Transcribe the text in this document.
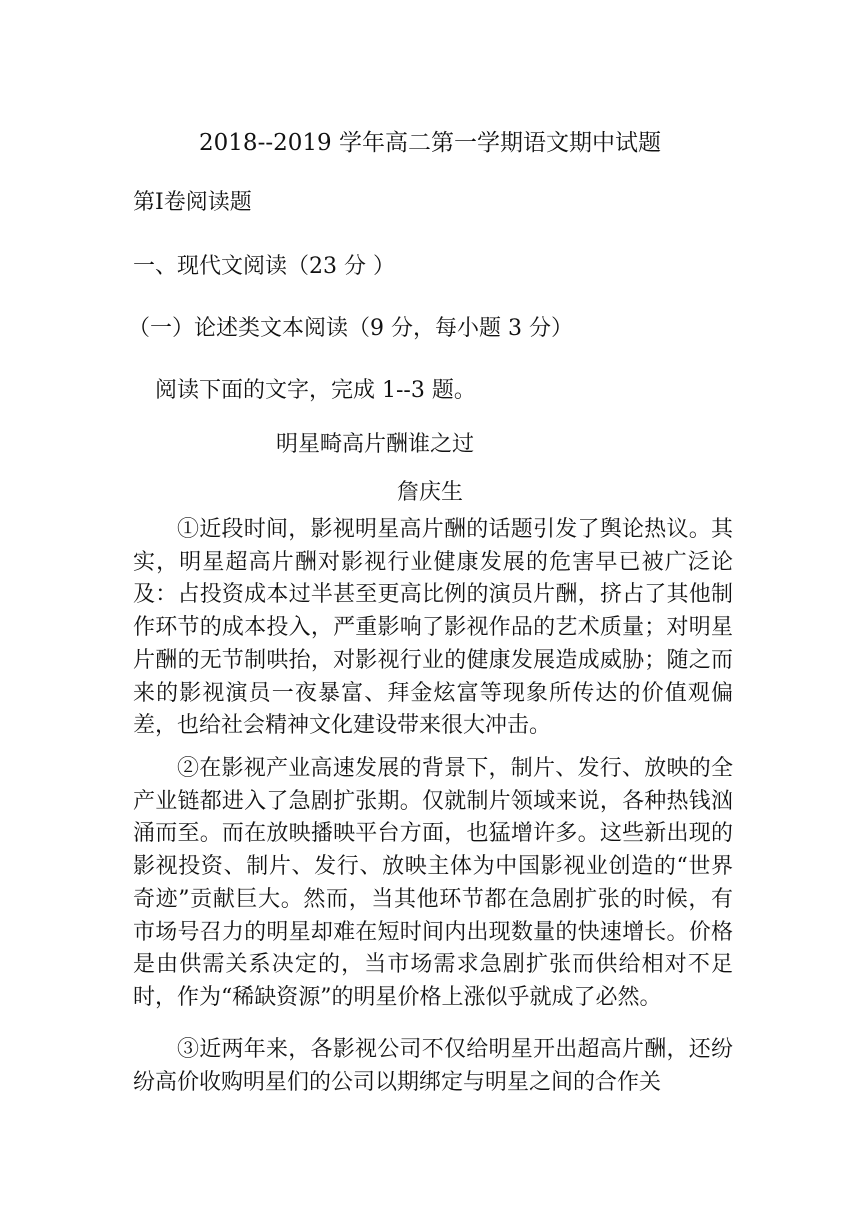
2018--2019 学年高二第一学期语文期中试题
第Ⅰ卷阅读题
一、现代文阅读（23 分 ）
（一）论述类文本阅读（9 分，每小题 3 分）
阅读下面的文字，完成 1--3 题。
明星畸高片酬谁之过
詹庆生

①近段时间，影视明星高片酬的话题引发了舆论热议。其实，明星超高片酬对影视行业健康发展的危害早已被广泛论及：占投资成本过半甚至更高比例的演员片酬，挤占了其他制作环节的成本投入，严重影响了影视作品的艺术质量；对明星片酬的无节制哄抬，对影视行业的健康发展造成威胁；随之而来的影视演员一夜暴富、拜金炫富等现象所传达的价值观偏差，也给社会精神文化建设带来很大冲击。

②在影视产业高速发展的背景下，制片、发行、放映的全产业链都进入了急剧扩张期。仅就制片领域来说，各种热钱汹涌而至。而在放映播映平台方面，也猛增许多。这些新出现的影视投资、制片、发行、放映主体为中国影视业创造的“世界奇迹”贡献巨大。然而，当其他环节都在急剧扩张的时候，有市场号召力的明星却难在短时间内出现数量的快速增长。价格是由供需关系决定的，当市场需求急剧扩张而供给相对不足时，作为“稀缺资源”的明星价格上涨似乎就成了必然。

③近两年来，各影视公司不仅给明星开出超高片酬，还纷纷高价收购明星们的公司以期绑定与明星之间的合作关
